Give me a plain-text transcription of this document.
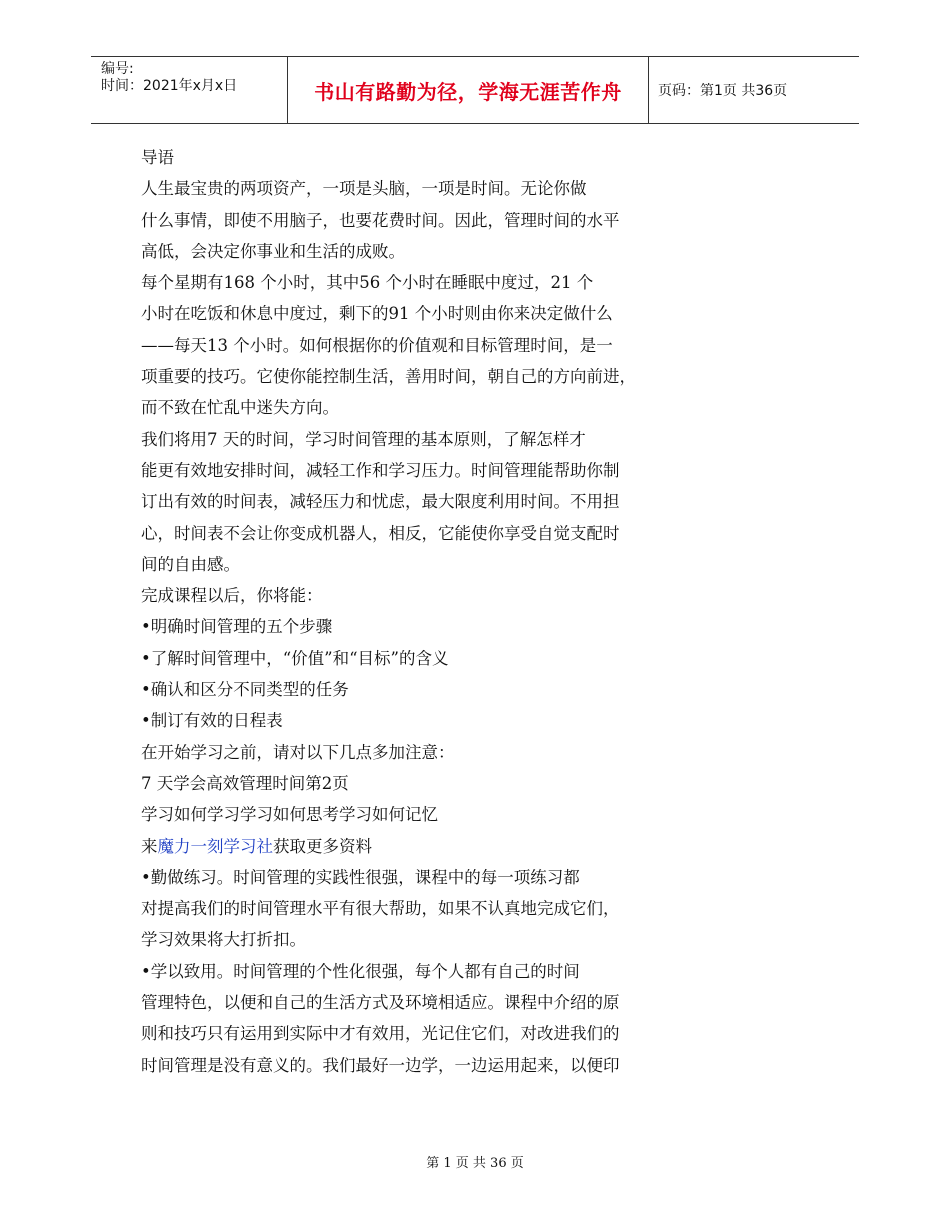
编号:
时间：2021年x月x日	书山有路勤为径，学海无涯苦作舟	页码：第1页 共36页
导语
人生最宝贵的两项资产，一项是头脑，一项是时间。无论你做
什么事情，即使不用脑子，也要花费时间。因此，管理时间的水平
高低，会决定你事业和生活的成败。
每个星期有168 个小时，其中56 个小时在睡眠中度过，21 个
小时在吃饭和休息中度过，剩下的91 个小时则由你来决定做什么
——每天13 个小时。如何根据你的价值观和目标管理时间，是一
项重要的技巧。它使你能控制生活，善用时间，朝自己的方向前进，
而不致在忙乱中迷失方向。
我们将用7 天的时间，学习时间管理的基本原则，了解怎样才
能更有效地安排时间，减轻工作和学习压力。时间管理能帮助你制
订出有效的时间表，减轻压力和忧虑，最大限度利用时间。不用担
心，时间表不会让你变成机器人，相反，它能使你享受自觉支配时
间的自由感。
完成课程以后，你将能：
•明确时间管理的五个步骤
•了解时间管理中，“价值”和“目标”的含义
•确认和区分不同类型的任务
•制订有效的日程表
在开始学习之前，请对以下几点多加注意：
7 天学会高效管理时间第2页
学习如何学习学习如何思考学习如何记忆
来魔力一刻学习社获取更多资料
•勤做练习。时间管理的实践性很强，课程中的每一项练习都
对提高我们的时间管理水平有很大帮助，如果不认真地完成它们，
学习效果将大打折扣。
•学以致用。时间管理的个性化很强，每个人都有自己的时间
管理特色，以便和自己的生活方式及环境相适应。课程中介绍的原
则和技巧只有运用到实际中才有效用，光记住它们，对改进我们的
时间管理是没有意义的。我们最好一边学，一边运用起来，以便印
第 1 页 共 36 页
